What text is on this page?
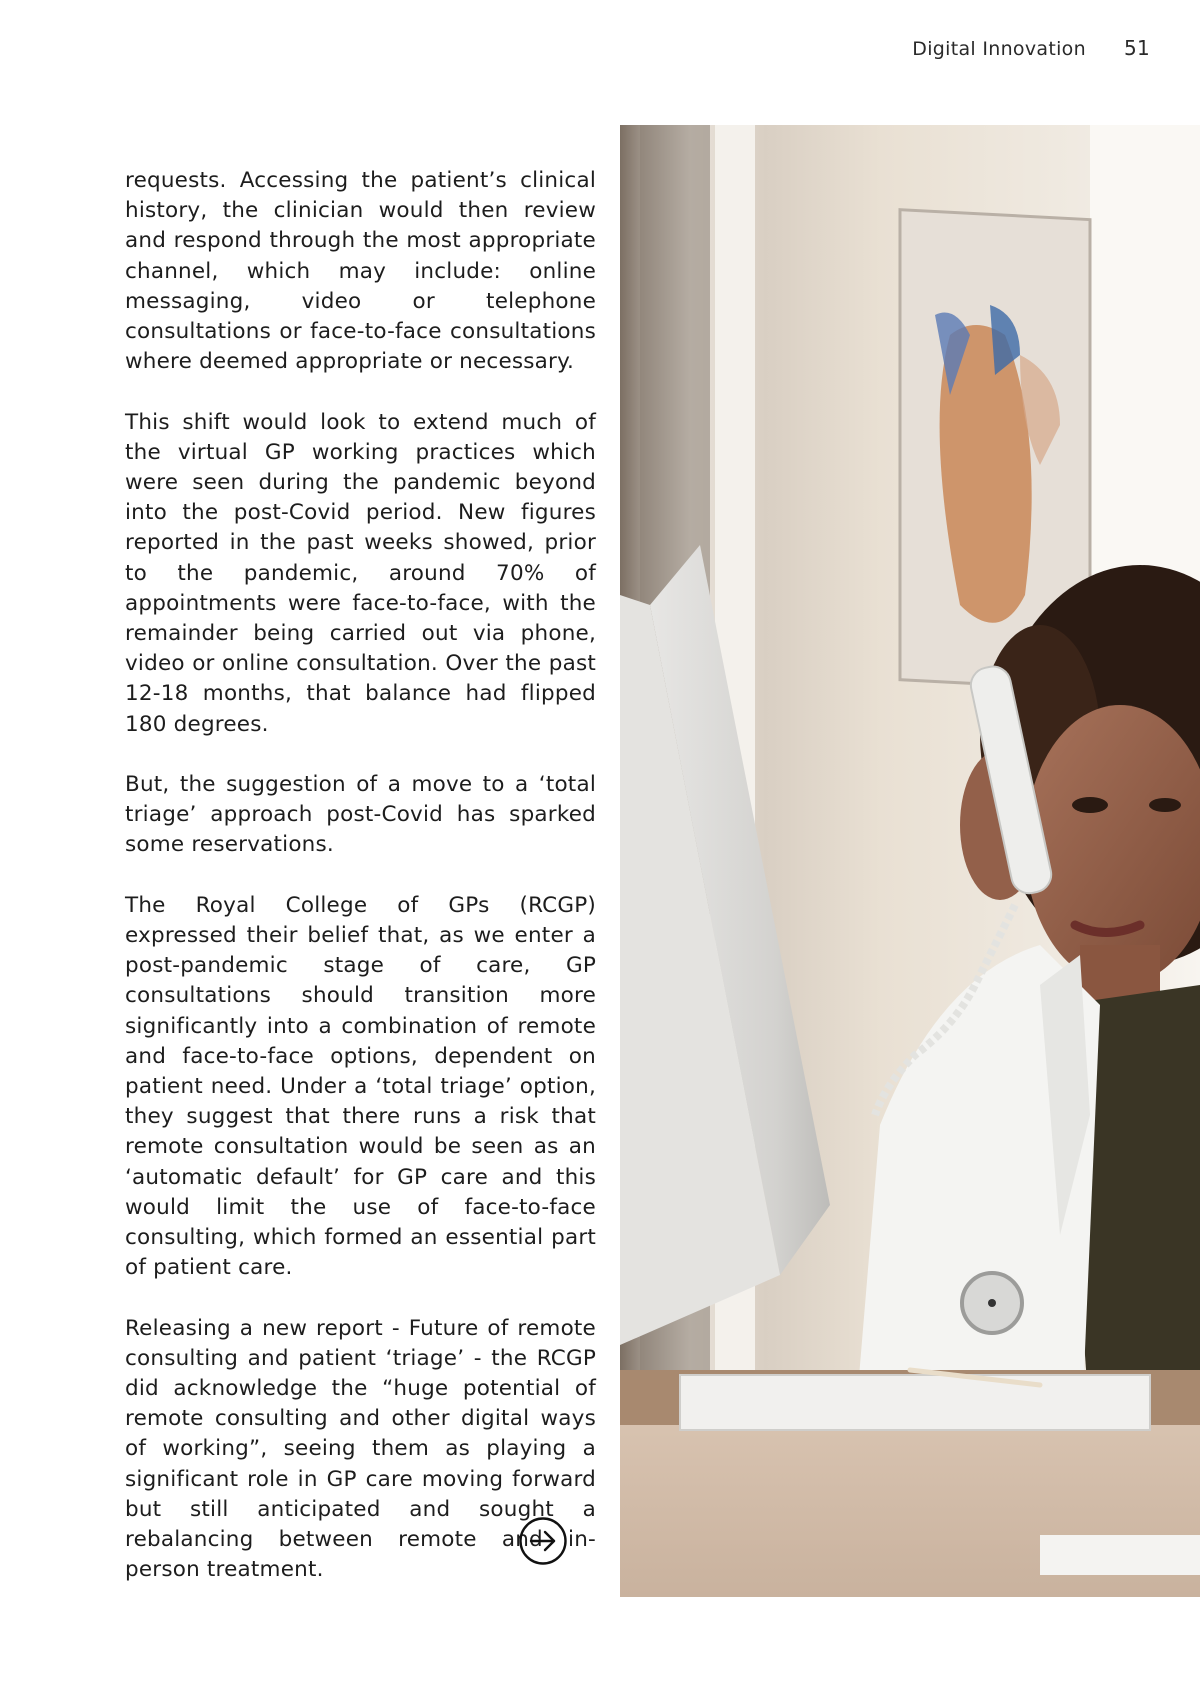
Digital Innovation 51

requests. Accessing the patient’s clinical history, the clinician would then review and respond through the most appropriate channel, which may include: online messaging, video or telephone consultations or face-to-face consultations where deemed appropriate or necessary.

This shift would look to extend much of the virtual GP working practices which were seen during the pandemic beyond into the post-Covid period. New figures reported in the past weeks showed, prior to the pandemic, around 70% of appointments were face-to-face, with the remainder being carried out via phone, video or online consultation. Over the past 12-18 months, that balance had flipped 180 degrees.

But, the suggestion of a move to a ‘total triage’ approach post-Covid has sparked some reservations.

The Royal College of GPs (RCGP) expressed their belief that, as we enter a post-pandemic stage of care, GP consultations should transition more significantly into a combination of remote and face-to-face options, dependent on patient need. Under a ‘total triage’ option, they suggest that there runs a risk that remote consultation would be seen as an ‘automatic default’ for GP care and this would limit the use of face-to-face consulting, which formed an essential part of patient care.

Releasing a new report - Future of remote consulting and patient ‘triage’ - the RCGP did acknowledge the “huge potential of remote consulting and other digital ways of working”, seeing them as playing a significant role in GP care moving forward but still anticipated and sought a rebalancing between remote and in-person treatment.
